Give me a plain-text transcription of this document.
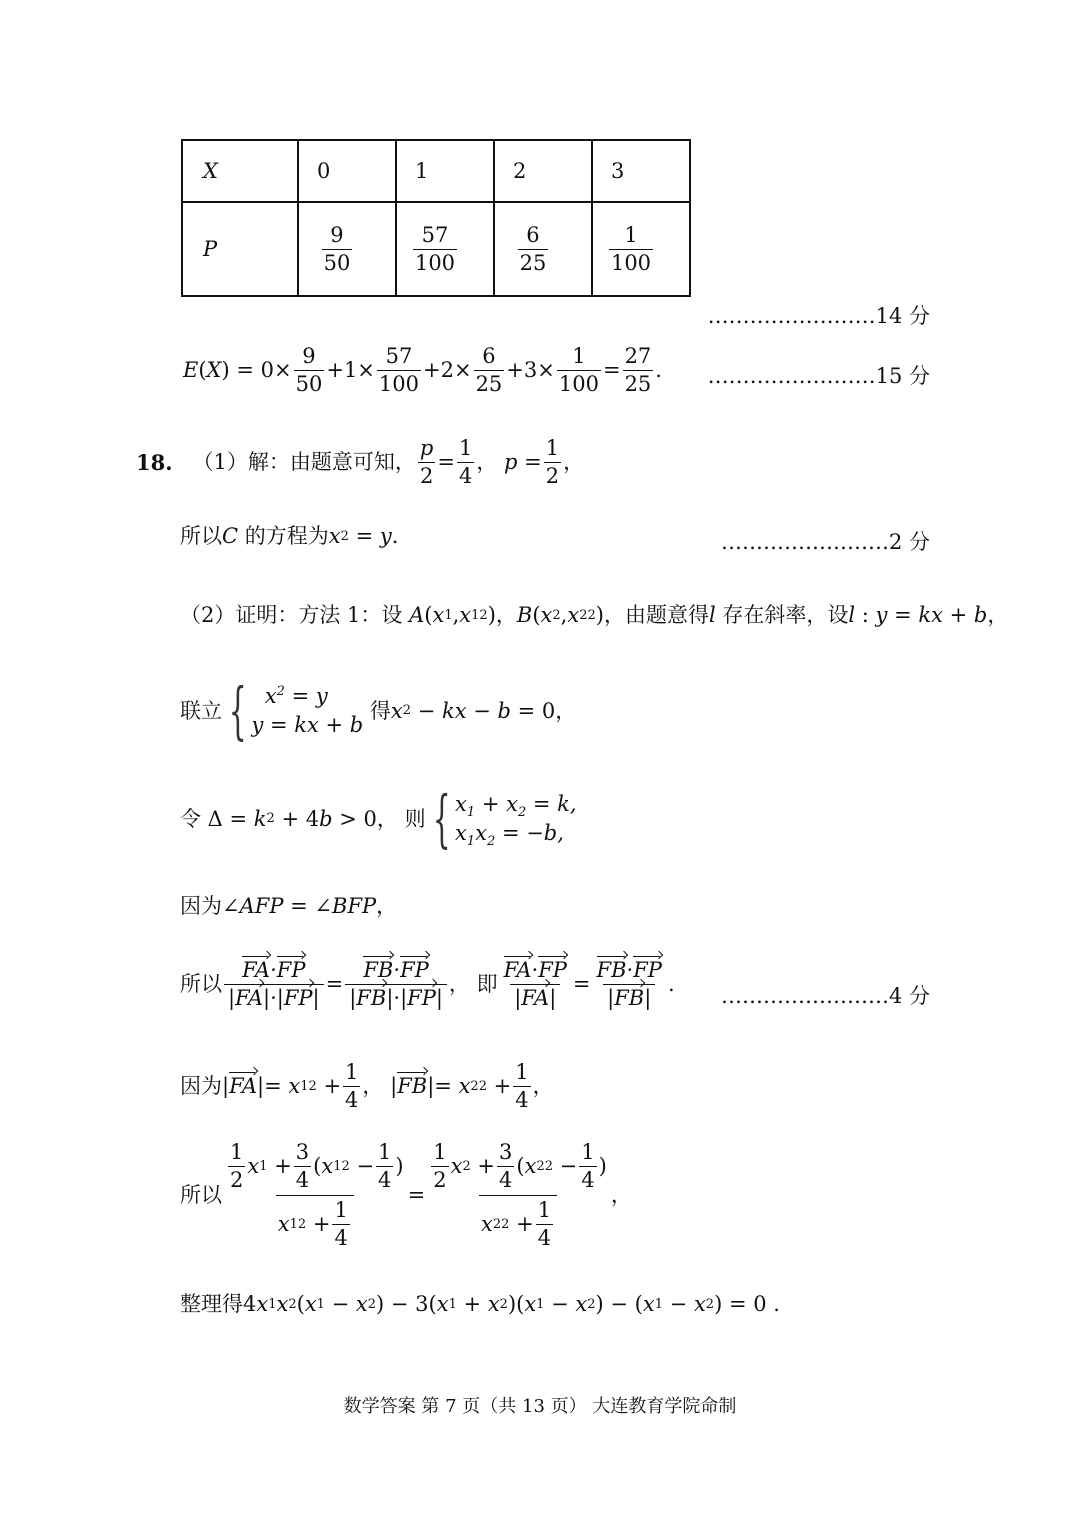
X	0	1	2	3

P	$\frac{9}{50}$	$\frac{57}{100}$	$\frac{6}{25}$	$\frac{1}{100}$
……………………14 分
E ( X ) = $0\times \frac{9}{50} +1\times \frac{57}{100} +2\times \frac{6}{25} +3\times \frac{1}{100} = \frac{27}{25}$ . ……………………15 分
18. （1）解：由题意可知， $\frac{p}{2} = \frac{1}{4}$ ， $p = \frac{1}{2}$ ，
所以 C
的方程为 x 2 = y .	……………………2 分
（2）证明：方法 1：设
A ( x 1 , x 1 2 )， B ( x 2 , x 2 2 ) ，由题意得 l
存在斜率，设 l : y = kx + b ，
联立 { $x^2 = y$
y = kx + b

得 x 2 − kx − b = 0，
令 Δ = k 2 + 4 b > 0， 则 { $x_1 + x_2 = k$,
$x_1x_2 = -b$,
因为 ∠ AFP = ∠ BFP ，
所以 $\frac{FA\cdot FP}{|FA|\cdot|FP|} = \frac{FB\cdot FP}{|FB|\cdot|FP|}$ ， 即 $\frac{FA\cdot FP}{|FA|} = \frac{FB\cdot FP}{|FB|}$ . ……………………4 分
因为 | FA |= x 1 $2 + \frac{1}{4}$ ， | FB |= x 2 $2 + \frac{1}{4}$ ，
所以 $\frac{\frac{1}{2} x 1 + \frac{3}{4} ( x 1 2 - \frac{1}{4} )}{x 1 2 + \frac{1}{4}} = \frac{\frac{1}{2} x 2 + \frac{3}{4} ( x 2 2 - \frac{1}{4} )}{x 2 2 + \frac{1}{4}}$ ，
整理得 4 x 1 x 2 ( x 1 − x 2 ) − 3( x 1 + x 2 )( x 1 − x 2 ) − ( x 1 − x 2 ) = 0 .
数学答案 第 7 页（共 13 页） 大连教育学院命制
